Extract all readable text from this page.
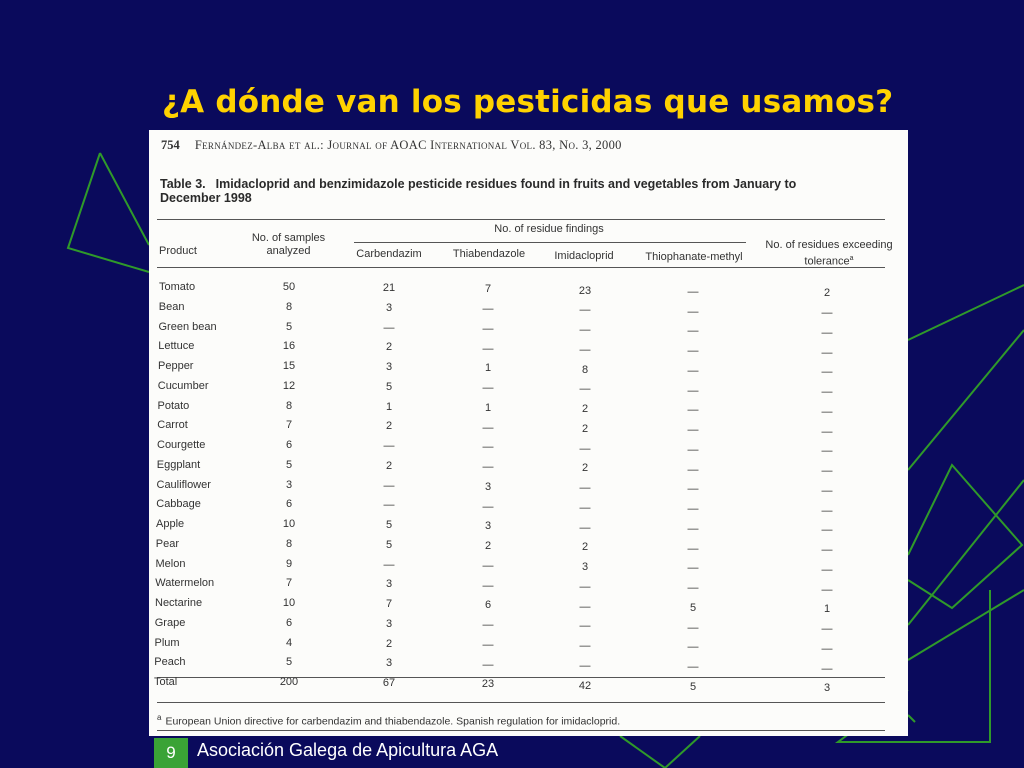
¿A dónde van los pesticidas que usamos?
754 Fernández-Alba et al.: Journal of AOAC International Vol. 83, No. 3, 2000
Table 3. Imidacloprid and benzimidazole pesticide residues found in fruits and vegetables from January to December 1998
Product
No. of samples analyzed
No. of residue findings
Carbendazim	Thiabendazole	Imidacloprid	Thiophanate-methyl
No. of residues exceeding tolerance$^a$
Tomato	50	21	7	23	—	2
Bean	8	3	—	—	—	—
Green bean	5	—	—	—	—	—
Lettuce	16	2	—	—	—	—
Pepper	15	3	1	8	—	—
Cucumber	12	5	—	—	—	—
Potato	8	1	1	2	—	—
Carrot	7	2	—	2	—	—
Courgette	6	—	—	—	—	—
Eggplant	5	2	—	2	—	—
Cauliflower	3	—	3	—	—	—
Cabbage	6	—	—	—	—	—
Apple	10	5	3	—	—	—
Pear	8	5	2	2	—	—
Melon	9	—	—	3	—	—
Watermelon	7	3	—	—	—	—
Nectarine	10	7	6	—	5	1
Grape	6	3	—	—	—	—
Plum	4	2	—	—	—	—
Peach	5	3	—	—	—	—
Total	200	67	23	42	5	3
$^a$ European Union directive for carbendazim and thiabendazole. Spanish regulation for imidacloprid.
9	Asociación Galega de Apicultura AGA
